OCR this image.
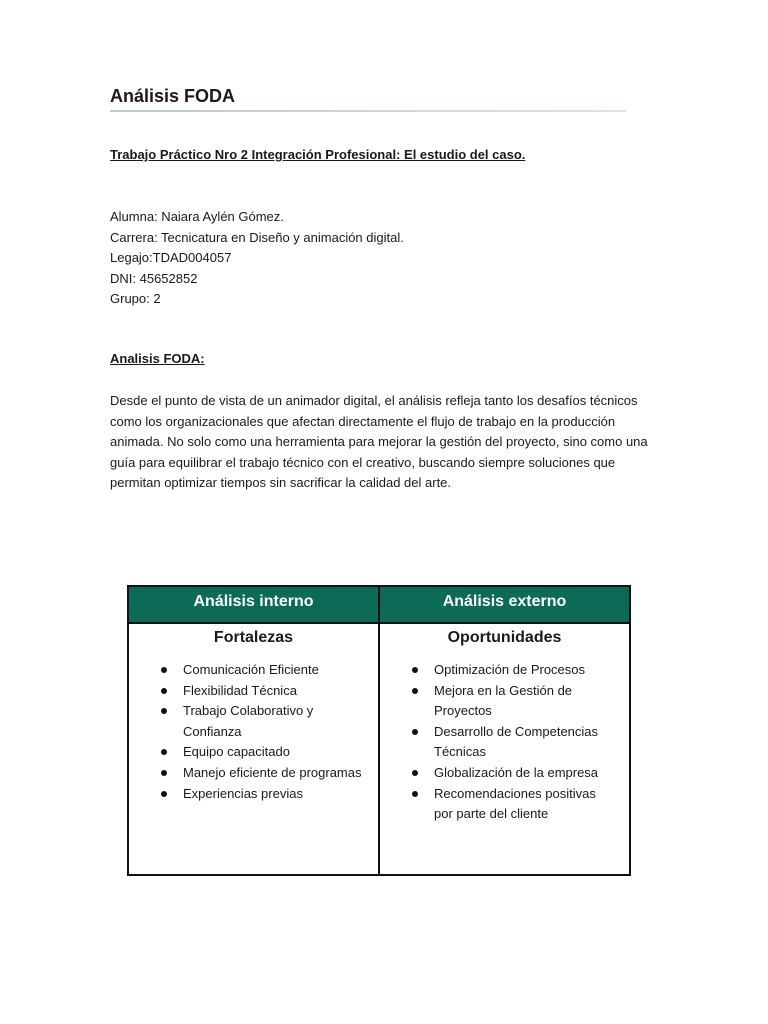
Análisis FODA

Trabajo Práctico Nro 2 Integración Profesional: El estudio del caso.

Alumna: Naiara Aylén Gómez.
Carrera: Tecnicatura en Diseño y animación digital.
Legajo:TDAD004057
DNI: 45652852
Grupo: 2

Analisis FODA:

Desde el punto de vista de un animador digital, el análisis refleja tanto los desafíos técnicos como los organizacionales que afectan directamente el flujo de trabajo en la producción animada. No solo como una herramienta para mejorar la gestión del proyecto, sino como una guía para equilibrar el trabajo técnico con el creativo, buscando siempre soluciones que permitan optimizar tiempos sin sacrificar la calidad del arte.

Análisis interno	Análisis externo

Fortalezas

Comunicación Eficiente
Flexibilidad Técnica
Trabajo Colaborativo y Confianza
Equipo capacitado
Manejo eficiente de programas
Experiencias previas

Oportunidades

Optimización de Procesos
Mejora en la Gestión de Proyectos
Desarrollo de Competencias Técnicas
Globalización de la empresa
Recomendaciones positivas por parte del cliente
